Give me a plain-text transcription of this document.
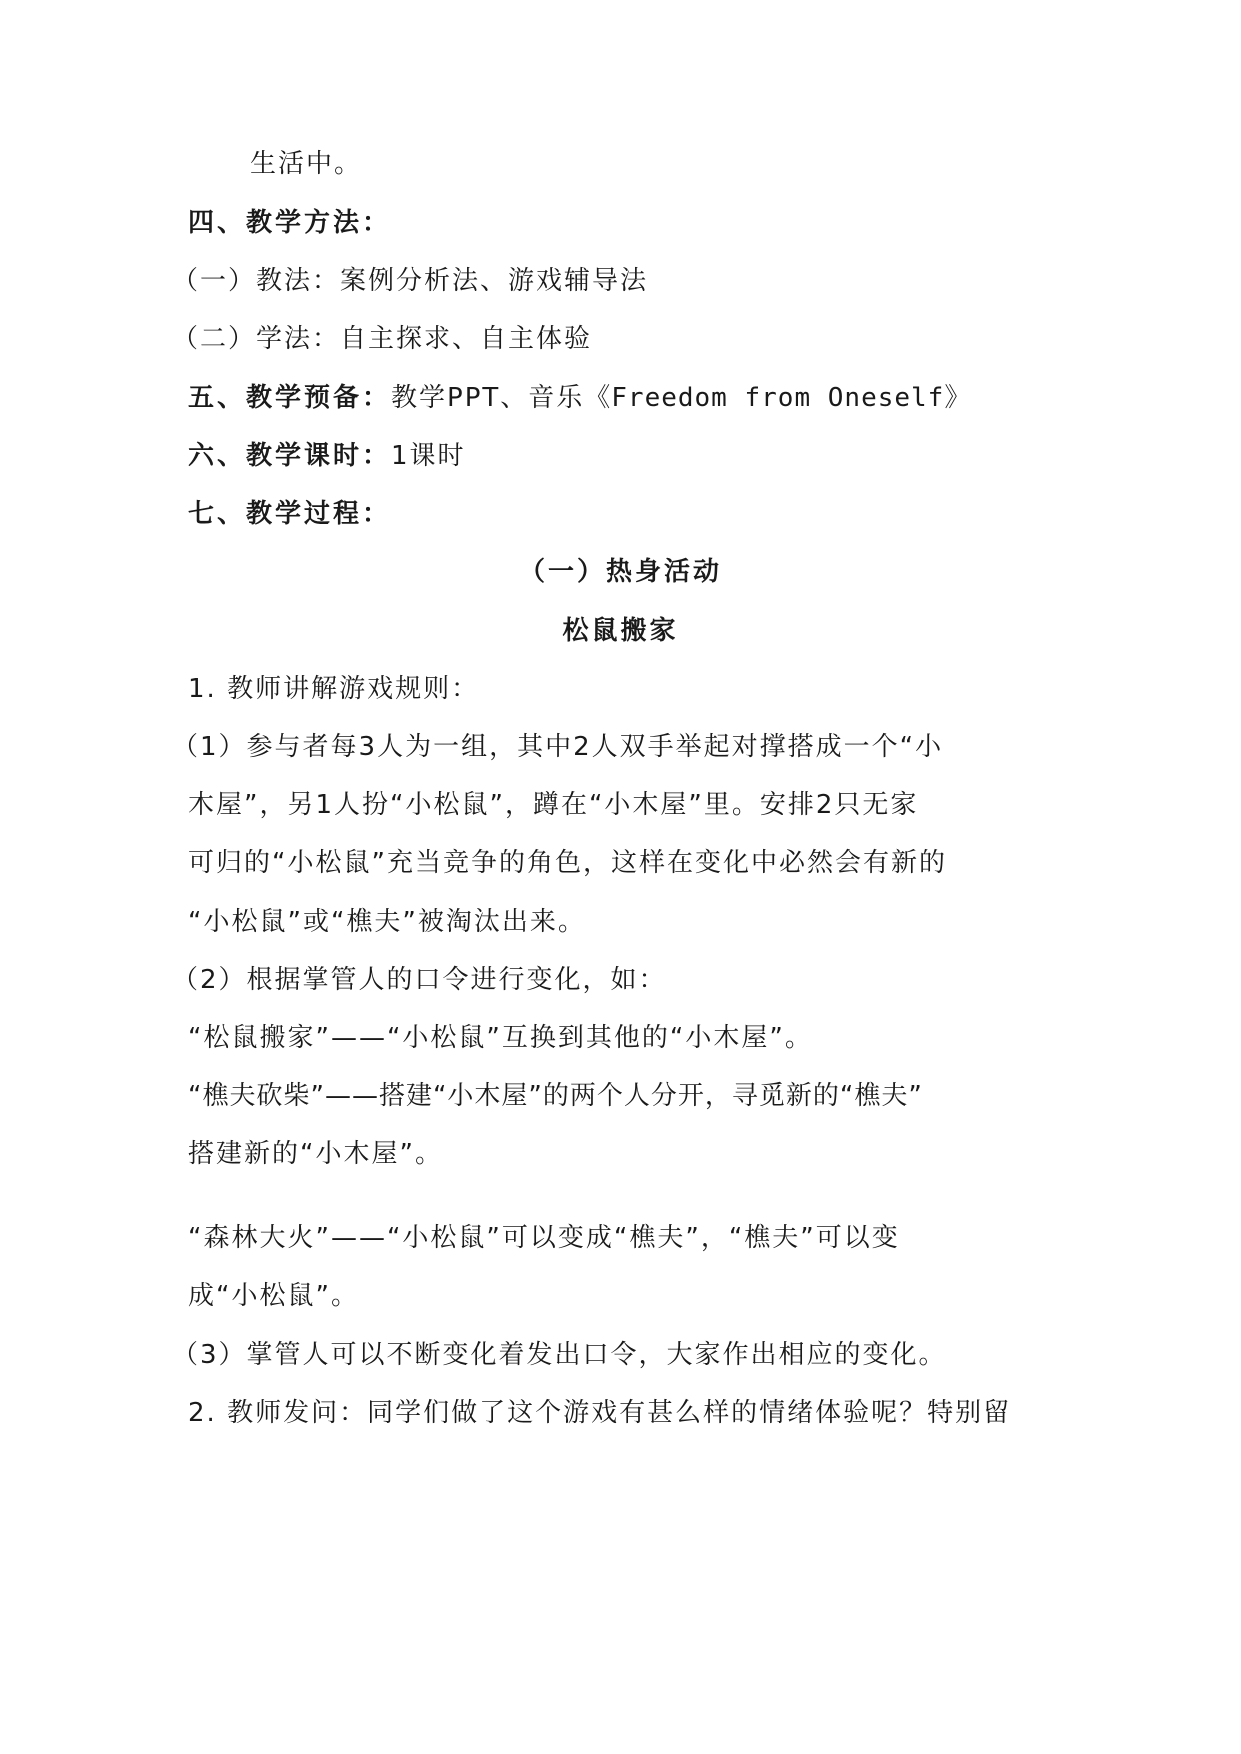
生活中。
四、教学方法：
（一）教法：案例分析法、游戏辅导法
（二）学法：自主探求、自主体验
五、教学预备：教学PPT、音乐《Freedom from Oneself》
六、教学课时：1课时
七、教学过程：
（一）热身活动
松鼠搬家
1. 教师讲解游戏规则：
（1）参与者每3人为一组，其中2人双手举起对撑搭成一个“小
木屋”，另1人扮“小松鼠”，蹲在“小木屋”里。安排2只无家
可归的“小松鼠”充当竞争的角色，这样在变化中必然会有新的
“小松鼠”或“樵夫”被淘汰出来。
（2）根据掌管人的口令进行变化，如：
“松鼠搬家”——“小松鼠”互换到其他的“小木屋”。
“樵夫砍柴”——搭建“小木屋”的两个人分开，寻觅新的“樵夫”
搭建新的“小木屋”。
“森林大火”——“小松鼠”可以变成“樵夫”，“樵夫”可以变
成“小松鼠”。
（3）掌管人可以不断变化着发出口令，大家作出相应的变化。
2. 教师发问：同学们做了这个游戏有甚么样的情绪体验呢？特别留
